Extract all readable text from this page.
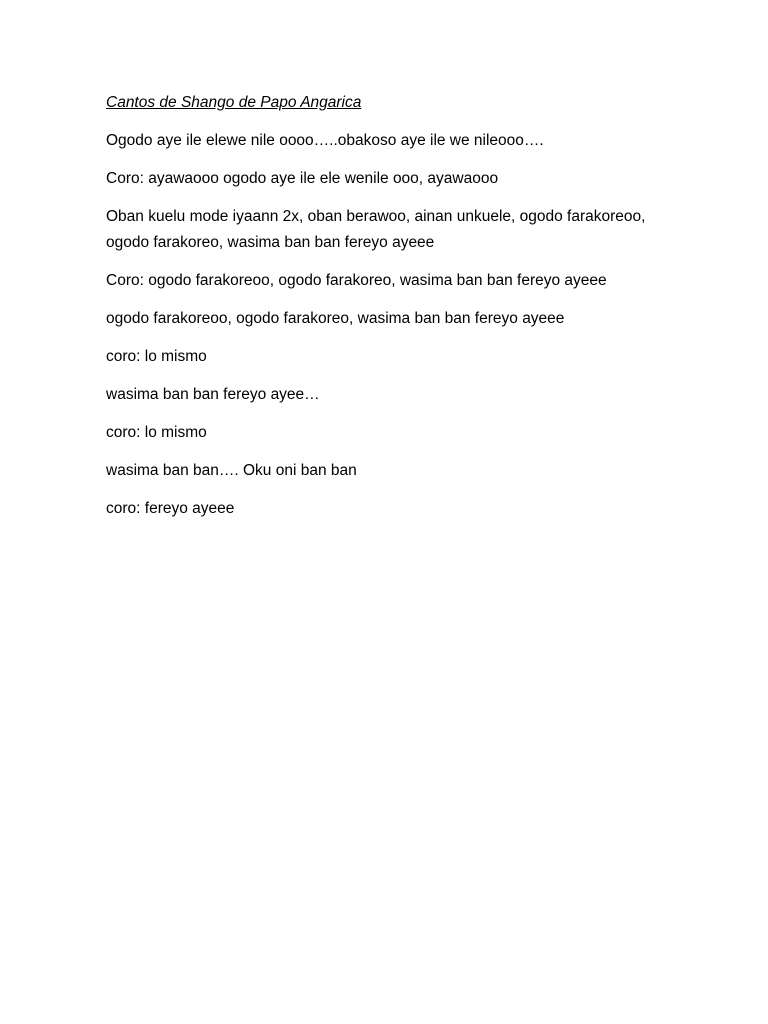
Cantos de Shango de Papo Angarica

Ogodo aye ile elewe nile oooo…..obakoso aye ile we nileooo….

Coro: ayawaooo ogodo aye ile ele wenile ooo, ayawaooo

Oban kuelu mode iyaann 2x, oban berawoo, ainan unkuele, ogodo farakoreoo, ogodo farakoreo, wasima ban ban fereyo ayeee

Coro: ogodo farakoreoo, ogodo farakoreo, wasima ban ban fereyo ayeee

ogodo farakoreoo, ogodo farakoreo, wasima ban ban fereyo ayeee

coro: lo mismo

wasima ban ban fereyo ayee…

coro: lo mismo

wasima ban ban…. Oku oni ban ban

coro: fereyo ayeee
